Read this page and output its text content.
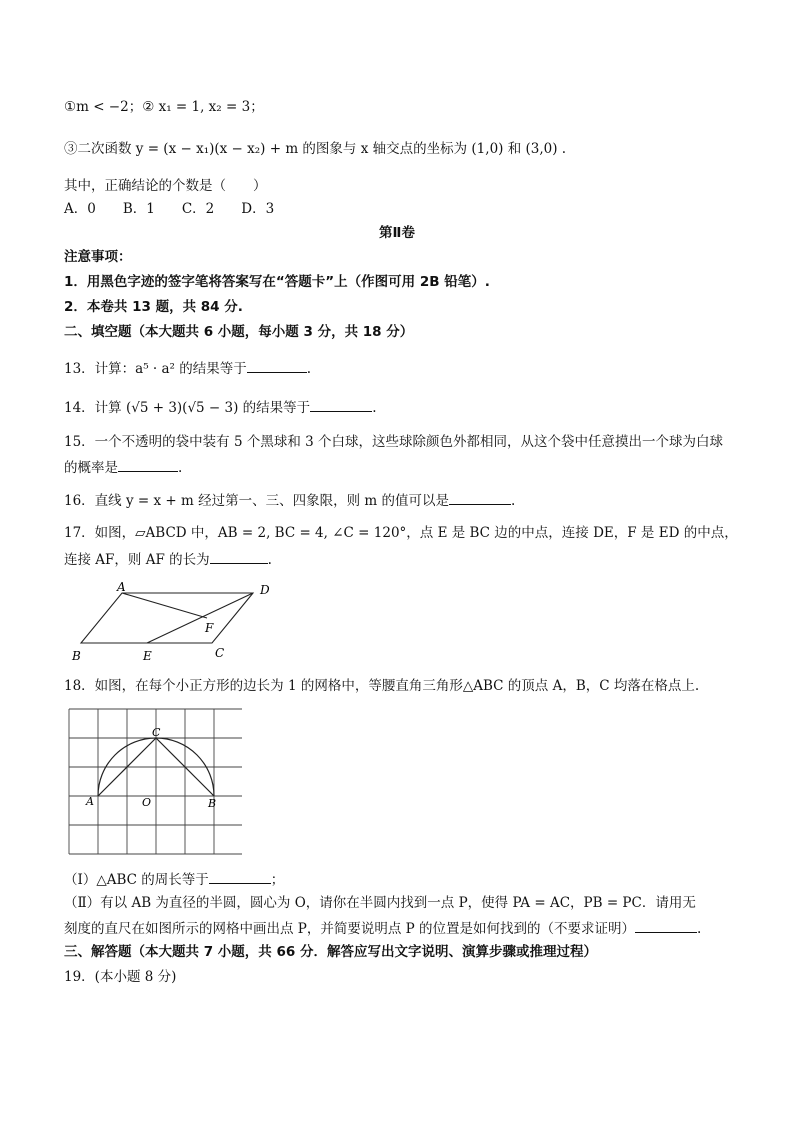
①m < −2；② x₁ = 1, x₂ = 3；
③二次函数 y = (x − x₁)(x − x₂) + m 的图象与 x 轴交点的坐标为 (1,0) 和 (3,0) .
其中，正确结论的个数是（　　）
A．0　　B．1　　C．2　　D．3
第Ⅱ卷
注意事项：
1．用黑色字迹的签字笔将答案写在“答题卡”上（作图可用 2B 铅笔）.
2．本卷共 13 题，共 84 分.
二、填空题（本大题共 6 小题，每小题 3 分，共 18 分）
13．计算：a⁵ · a² 的结果等于	.
14．计算 (√5 + 3)(√5 − 3) 的结果等于	.
15．一个不透明的袋中装有 5 个黑球和 3 个白球，这些球除颜色外都相同，从这个袋中任意摸出一个球为白球
的概率是	.
16．直线 y = x + m 经过第一、三、四象限，则 m 的值可以是	.
17．如图，▱ABCD 中，AB = 2, BC = 4, ∠C = 120°，点 E 是 BC 边的中点，连接 DE，F 是 ED 的中点，
连接 AF，则 AF 的长为	.
A	D
B	E	C
F
18．如图，在每个小正方形的边长为 1 的网格中，等腰直角三角形△ABC 的顶点 A，B，C 均落在格点上.
A	B
C
O
（Ⅰ）△ABC 的周长等于	；
（Ⅱ）有以 AB 为直径的半圆，圆心为 O，请你在半圆内找到一点 P，使得 PA = AC，PB = PC．请用无
刻度的直尺在如图所示的网格中画出点 P，并简要说明点 P 的位置是如何找到的（不要求证明）	.
三、解答题（本大题共 7 小题，共 66 分．解答应写出文字说明、演算步骤或推理过程）
19．(本小题 8 分)
